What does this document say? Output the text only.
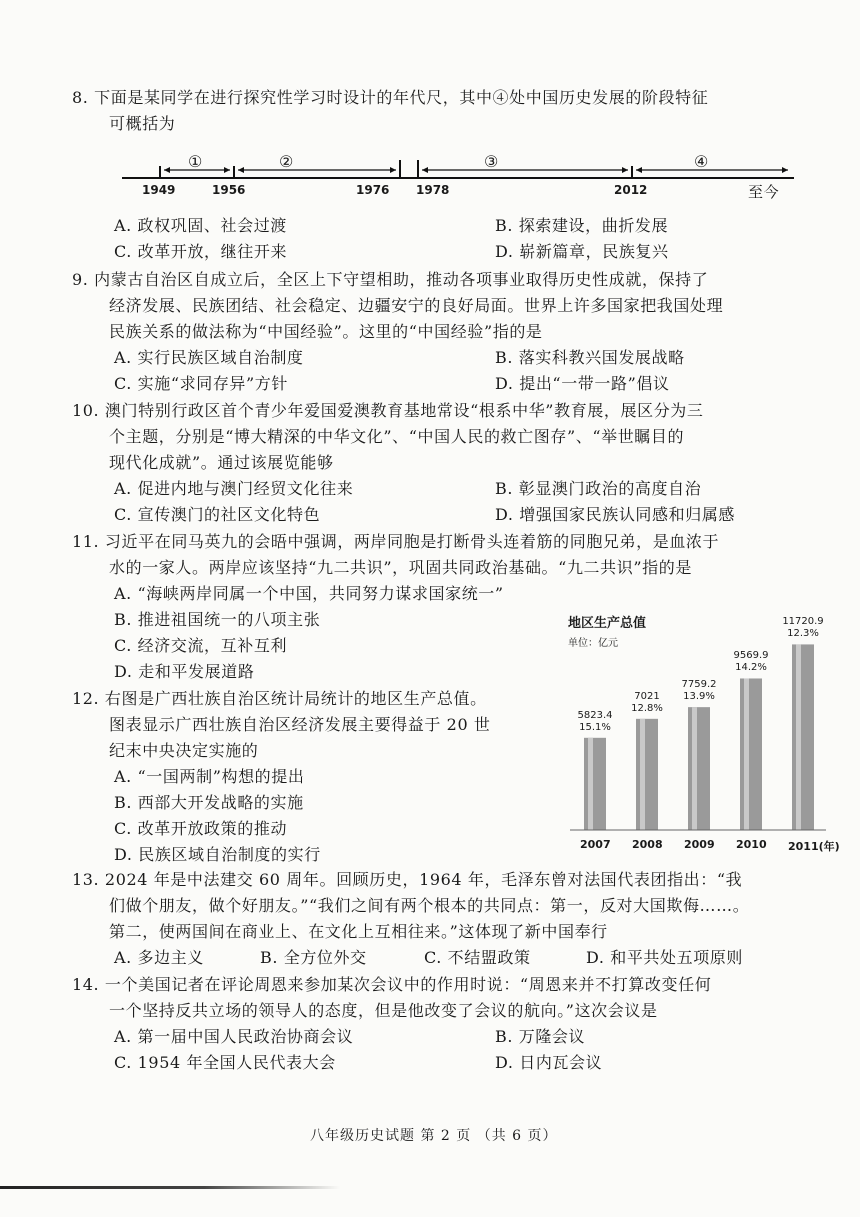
8. 下面是某同学在进行探究性学习时设计的年代尺，其中④处中国历史发展的阶段特征
可概括为
①	②	③	④
1949	1956	1976 1978	2012	至今
A. 政权巩固、社会过渡	B. 探索建设，曲折发展
C. 改革开放，继往开来	D. 崭新篇章，民族复兴
9. 内蒙古自治区自成立后，全区上下守望相助，推动各项事业取得历史性成就，保持了
经济发展、民族团结、社会稳定、边疆安宁的良好局面。世界上许多国家把我国处理
民族关系的做法称为“中国经验”。这里的“中国经验”指的是
A. 实行民族区域自治制度	B. 落实科教兴国发展战略
C. 实施“求同存异”方针	D. 提出“一带一路”倡议
10. 澳门特别行政区首个青少年爱国爱澳教育基地常设“根系中华”教育展，展区分为三
个主题，分别是“博大精深的中华文化”、“中国人民的救亡图存”、“举世瞩目的
现代化成就”。通过该展览能够
A. 促进内地与澳门经贸文化往来	B. 彰显澳门政治的高度自治
C. 宣传澳门的社区文化特色	D. 增强国家民族认同感和归属感
11. 习近平在同马英九的会晤中强调，两岸同胞是打断骨头连着筋的同胞兄弟，是血浓于
水的一家人。两岸应该坚持“九二共识”，巩固共同政治基础。“九二共识”指的是
A. “海峡两岸同属一个中国，共同努力谋求国家统一”
B. 推进祖国统一的八项主张
C. 经济交流，互补互利
D. 走和平发展道路
12. 右图是广西壮族自治区统计局统计的地区生产总值。
图表显示广西壮族自治区经济发展主要得益于 20 世
纪末中央决定实施的
A. “一国两制”构想的提出
B. 西部大开发战略的实施
C. 改革开放政策的推动
D. 民族区域自治制度的实行
地区生产总值
单位：亿元
5823.4
15.1%
2007
7021
12.8%
2008
7759.2
13.9%
2009
9569.9
14.2%
2010
11720.9
12.3%
2011(年)
13. 2024 年是中法建交 60 周年。回顾历史，1964 年，毛泽东曾对法国代表团指出：“我
们做个朋友，做个好朋友。”“我们之间有两个根本的共同点：第一，反对大国欺侮……。
第二，使两国间在商业上、在文化上互相往来。”这体现了新中国奉行
A. 多边主义	B. 全方位外交	C. 不结盟政策	D. 和平共处五项原则
14. 一个美国记者在评论周恩来参加某次会议中的作用时说：“周恩来并不打算改变任何
一个坚持反共立场的领导人的态度，但是他改变了会议的航向。”这次会议是
A. 第一届中国人民政治协商会议	B. 万隆会议
C. 1954 年全国人民代表大会	D. 日内瓦会议
八年级历史试题 第 2 页 （共 6 页）
